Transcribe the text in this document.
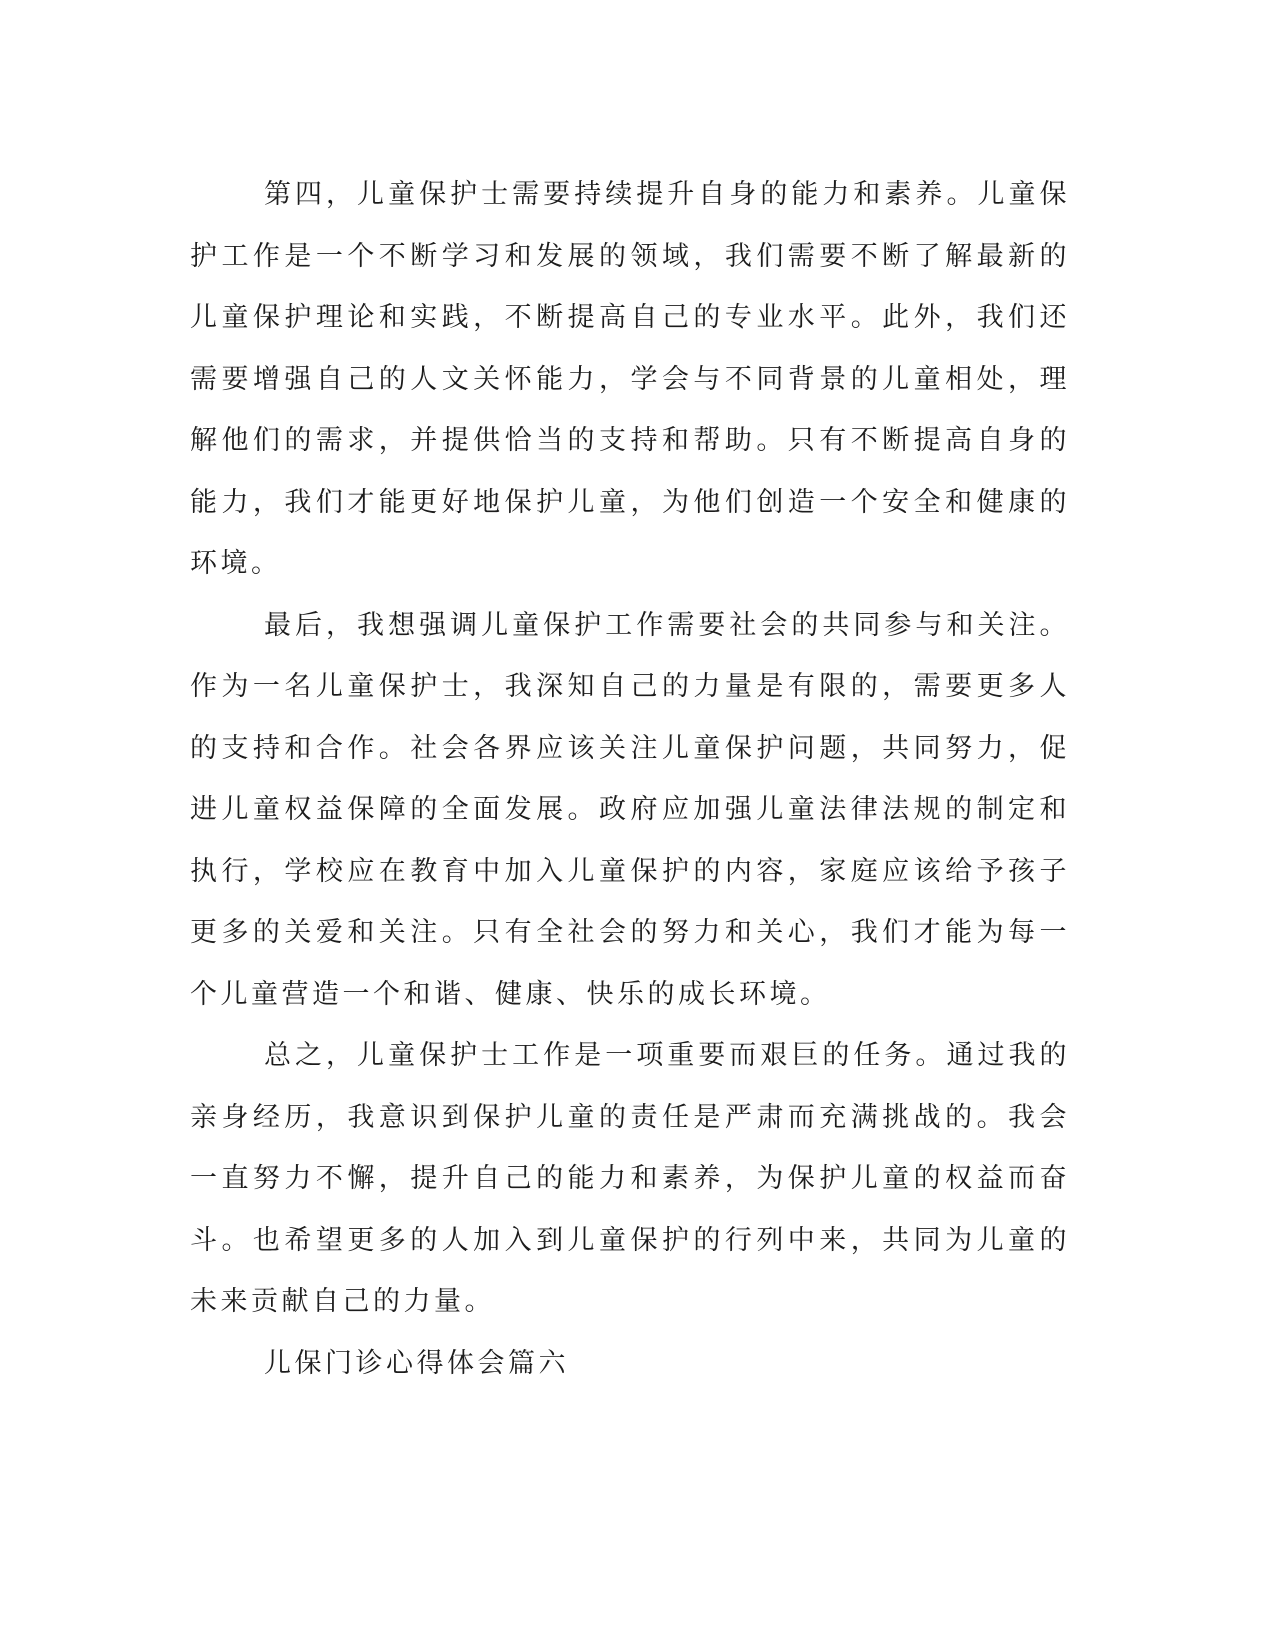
第四，儿童保护士需要持续提升自身的能力和素养。儿童保护工作是一个不断学习和发展的领域，我们需要不断了解最新的儿童保护理论和实践，不断提高自己的专业水平。此外，我们还需要增强自己的人文关怀能力，学会与不同背景的儿童相处，理解他们的需求，并提供恰当的支持和帮助。只有不断提高自身的能力，我们才能更好地保护儿童，为他们创造一个安全和健康的环境。

最后，我想强调儿童保护工作需要社会的共同参与和关注。作为一名儿童保护士，我深知自己的力量是有限的，需要更多人的支持和合作。社会各界应该关注儿童保护问题，共同努力，促进儿童权益保障的全面发展。政府应加强儿童法律法规的制定和执行，学校应在教育中加入儿童保护的内容，家庭应该给予孩子更多的关爱和关注。只有全社会的努力和关心，我们才能为每一个儿童营造一个和谐、健康、快乐的成长环境。

总之，儿童保护士工作是一项重要而艰巨的任务。通过我的亲身经历，我意识到保护儿童的责任是严肃而充满挑战的。我会一直努力不懈，提升自己的能力和素养，为保护儿童的权益而奋斗。也希望更多的人加入到儿童保护的行列中来，共同为儿童的未来贡献自己的力量。

儿保门诊心得体会篇六
